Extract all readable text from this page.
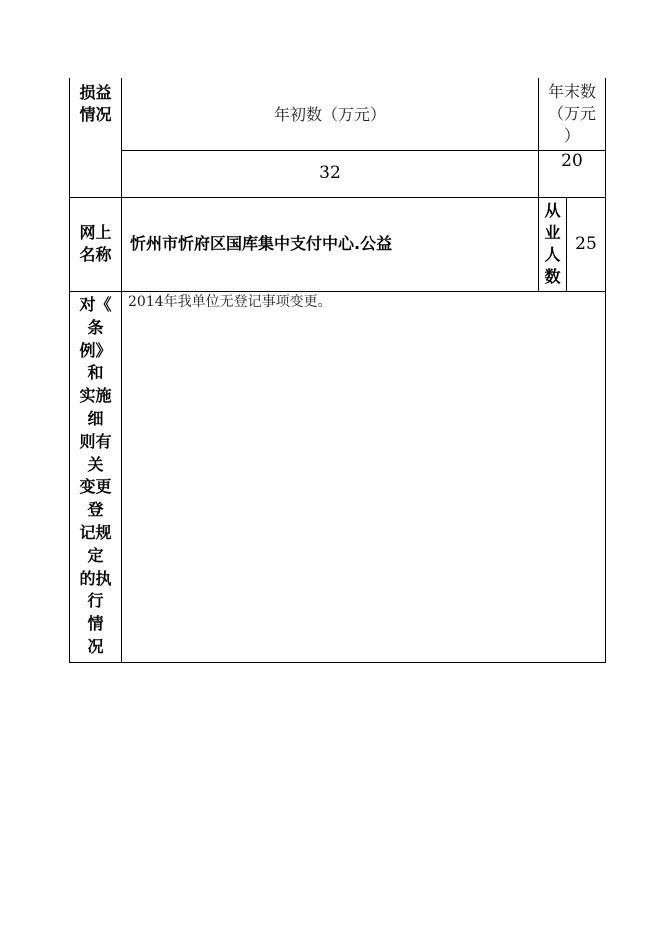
损益
情况	年初数（万元）
年末数
（万元
）
32
20
网上
名称
忻州市忻府区国库集中支付中心.公益
从
业
人
数
25
对《
条
例》
和
实施
细
则有
关
变更
登
记规
定
的执
行
情
况
2014年我单位无登记事项变更。
